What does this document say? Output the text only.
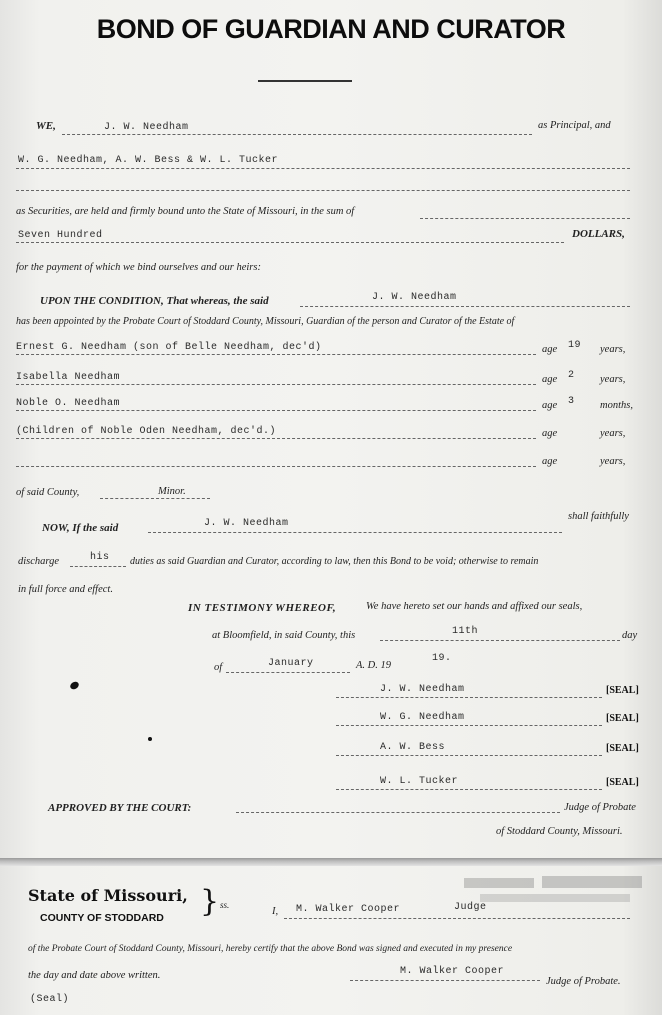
BOND OF GUARDIAN AND CURATOR
WE,	J. W. Needham	as Principal, and
W. G. Needham, A. W. Bess & W. L. Tucker
as Securities, are held and firmly bound unto the State of Missouri, in the sum of
Seven Hundred	DOLLARS,
for the payment of which we bind ourselves and our heirs:
UPON THE CONDITION, That whereas, the said	J. W. Needham
has been appointed by the Probate Court of Stoddard County, Missouri, Guardian of the person and Curator of the Estate of
Ernest G. Needham (son of Belle Needham, dec'd)	age 19 years,
Isabella Needham	age 2 years,
Noble O. Needham	age 3 months,
(Children of Noble Oden Needham, dec'd.)	age	years,
age	years,
of said County,	Minor.
NOW, If the said	J. W. Needham
shall faithfully
discharge	his duties as said Guardian and Curator, according to law, then this Bond to be void; otherwise to remain
in full force and effect.
IN TESTIMONY WHEREOF,	We have hereto set our hands and affixed our seals,
at Bloomfield, in said County, this	11th	day
of	January	A. D. 19
19.
J. W. Needham	[SEAL]
W. G. Needham	[SEAL]
A. W. Bess	[SEAL]
W. L. Tucker	[SEAL]
APPROVED BY THE COURT:	Judge of Probate
of Stoddard County, Missouri.
State of Missouri,
COUNTY OF STODDARD } ss.
I, M. Walker Cooper	Judge
of the Probate Court of Stoddard County, Missouri, hereby certify that the above Bond was signed and executed in my presence
the day and date above written.	M. Walker Cooper
Judge of Probate.
(Seal)
